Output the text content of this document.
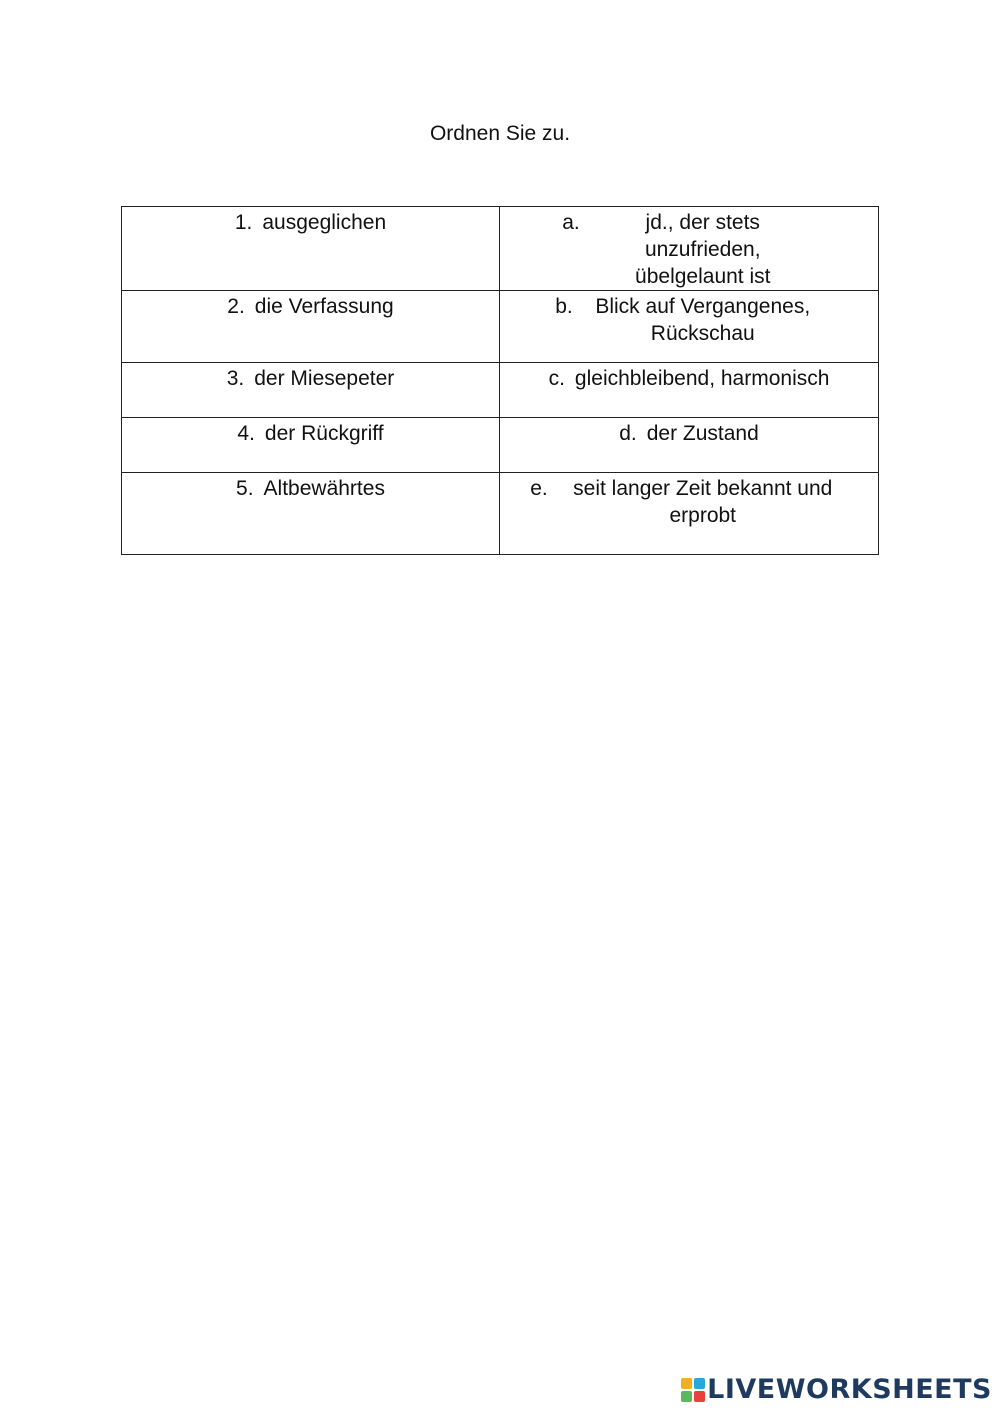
Ordnen Sie zu.
1. ausgeglichen	a. jd., der stets unzufrieden, übelgelaunt ist

2. die Verfassung	b. Blick auf Vergangenes, Rückschau

3. der Miesepeter	c. gleichbleibend, harmonisch

4. der Rückgriff	d. der Zustand

5. Altbewährtes	e. seit langer Zeit bekannt und erprobt
LIVEWORKSHEETS
